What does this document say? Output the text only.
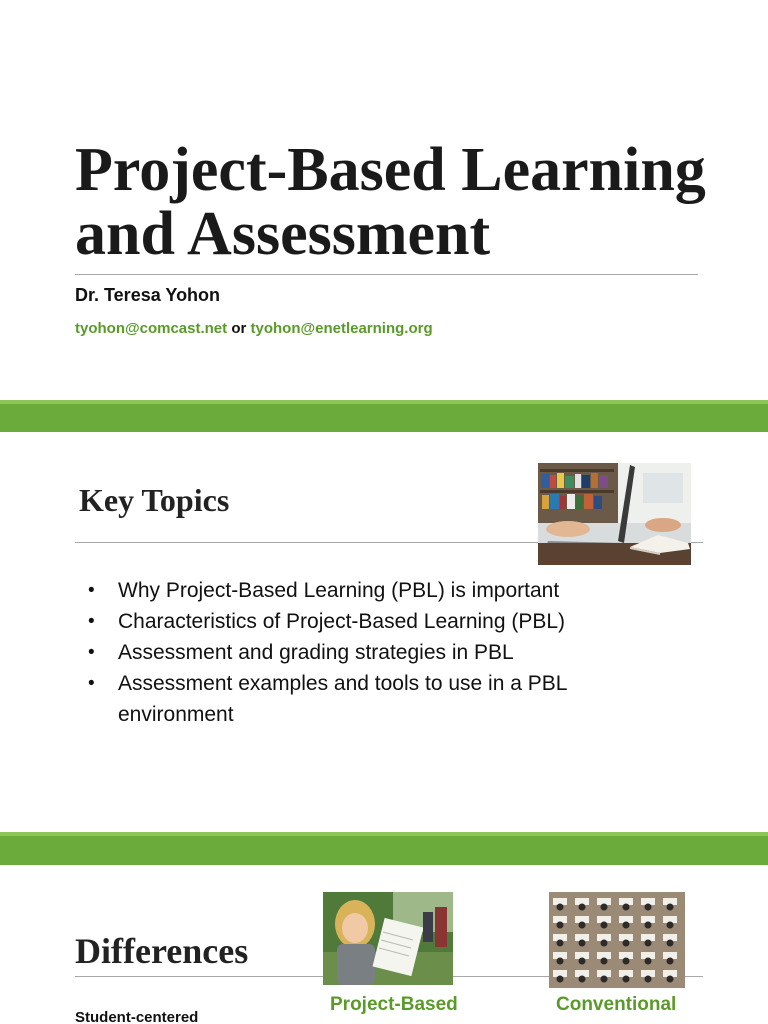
Project-Based Learning
and Assessment
Dr. Teresa Yohon
tyohon@comcast.net or tyohon@enetlearning.org
Key Topics
• Why Project-Based Learning (PBL) is important
• Characteristics of Project-Based Learning (PBL)
• Assessment and grading strategies in PBL
• Assessment examples and tools to use in a PBL environment
Differences
Project-Based	Conventional
Student-centered
